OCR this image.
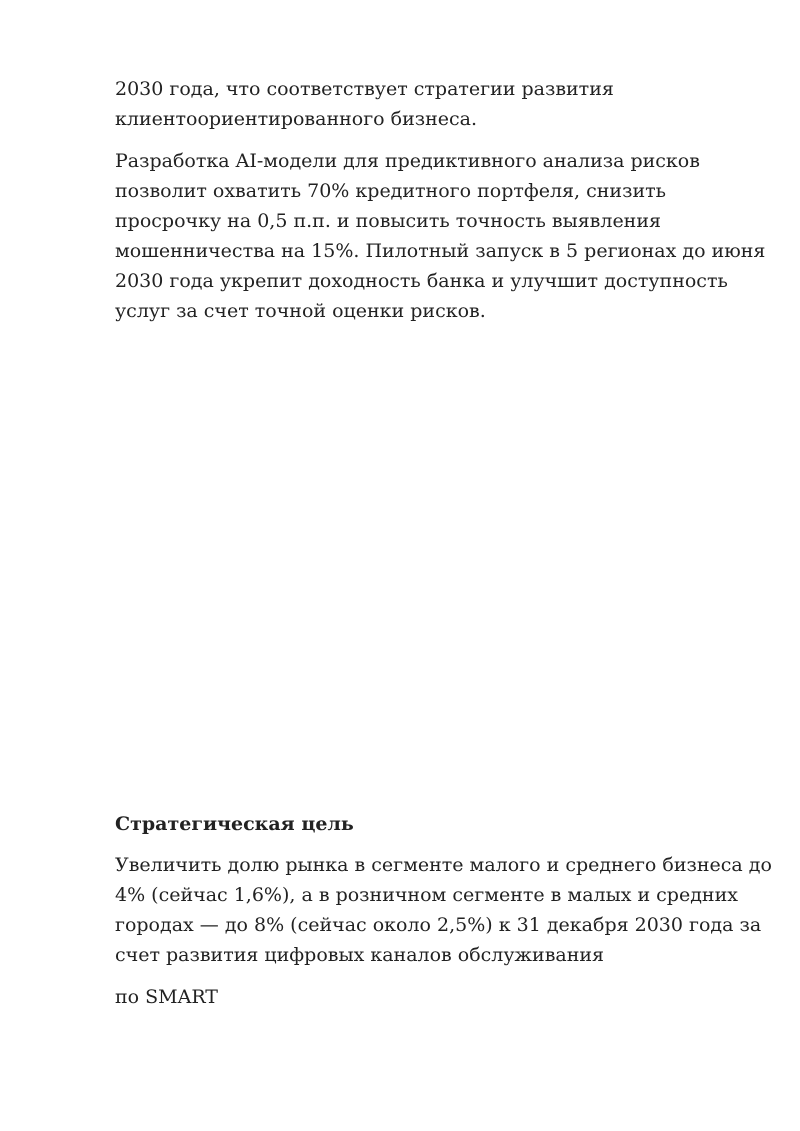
2030 года, что соответствует стратегии развития
клиентоориентированного бизнеса.
Разработка AI-модели для предиктивного анализа рисков
позволит охватить 70% кредитного портфеля, снизить
просрочку на 0,5 п.п. и повысить точность выявления
мошенничества на 15%. Пилотный запуск в 5 регионах до июня
2030 года укрепит доходность банка и улучшит доступность
услуг за счет точной оценки рисков.
Стратегическая цель
Увеличить долю рынка в сегменте малого и среднего бизнеса до
4% (сейчас 1,6%), а в розничном сегменте в малых и средних
городах — до 8% (сейчас около 2,5%) к 31 декабря 2030 года за
счет развития цифровых каналов обслуживания
по SMART
